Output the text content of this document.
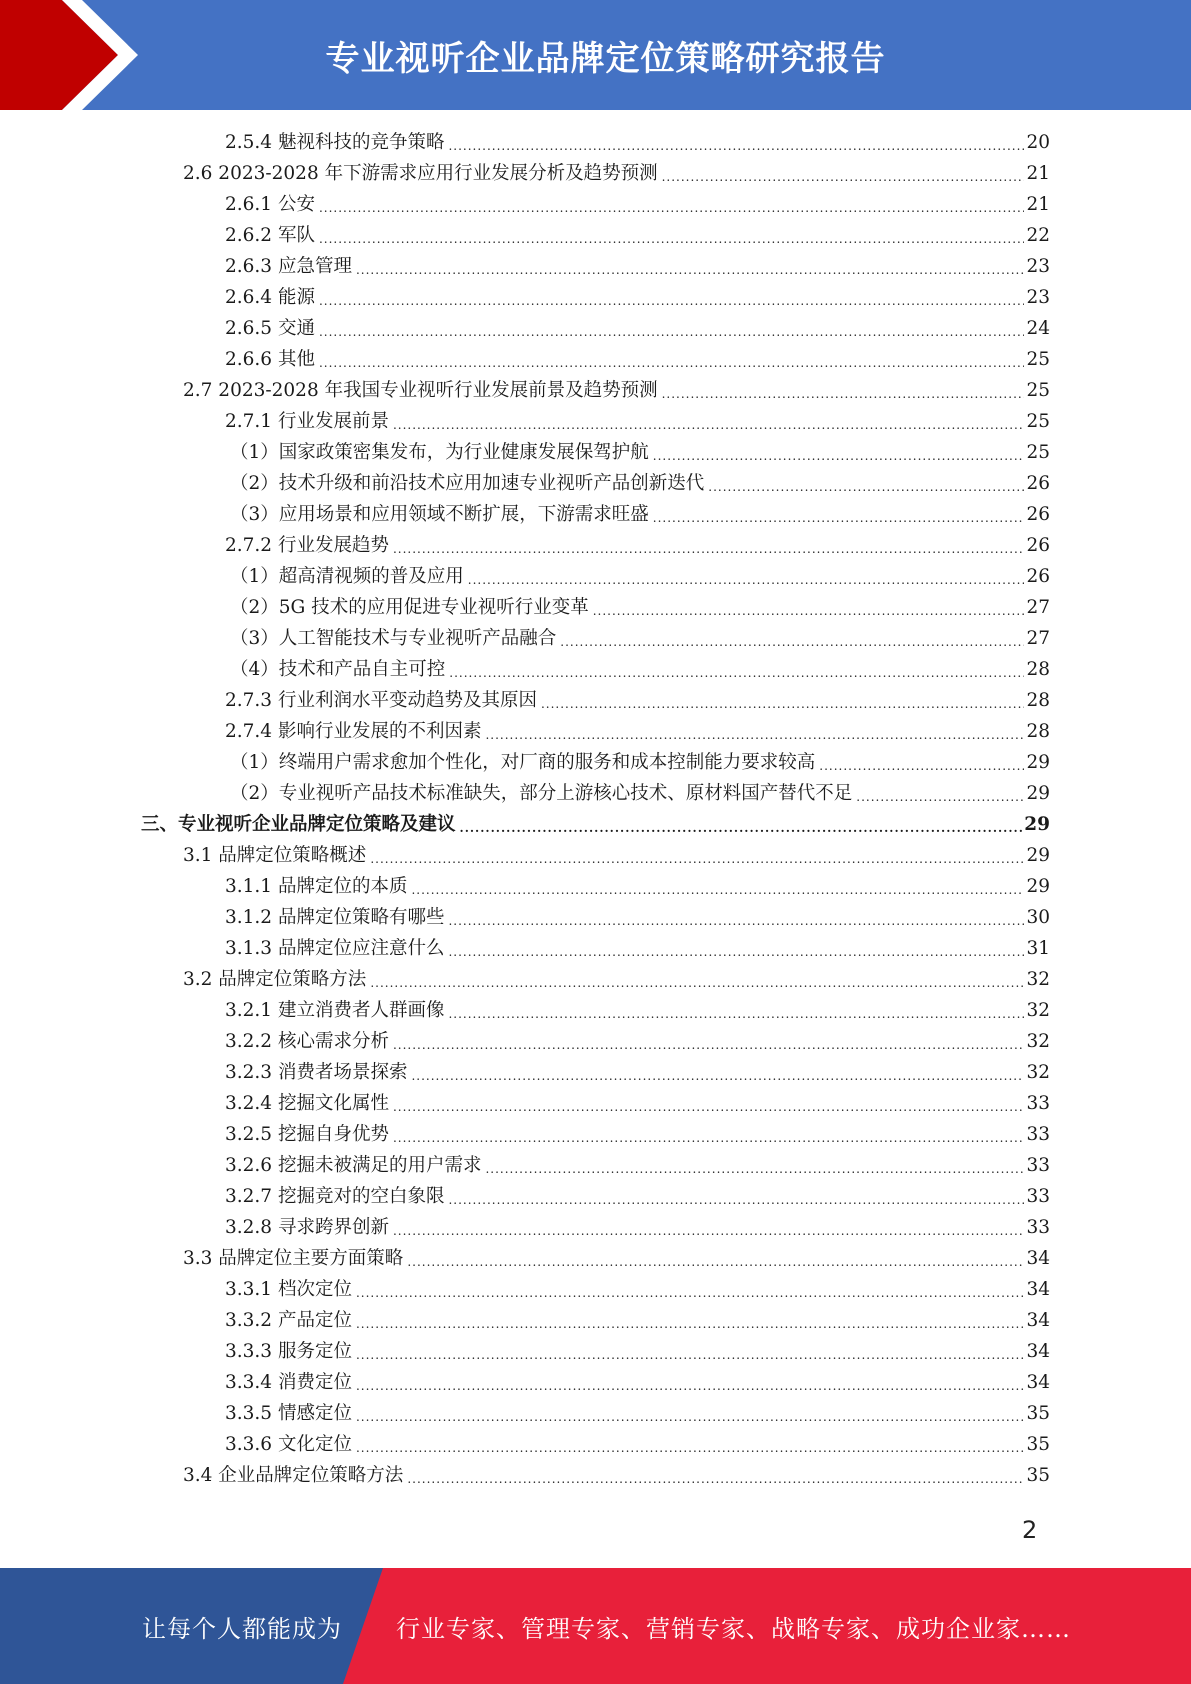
专业视听企业品牌定位策略研究报告
2.5.4 魅视科技的竞争策略 .....	20
2.6 2023-2028 年下游需求应用行业发展分析及趋势预测 .....	21
2.6.1 公安 .....	21
2.6.2 军队 .....	22
2.6.3 应急管理 .....	23
2.6.4 能源 .....	23
2.6.5 交通 .....	24
2.6.6 其他 .....	25
2.7 2023-2028 年我国专业视听行业发展前景及趋势预测 .....	25
2.7.1 行业发展前景 .....	25
（1）国家政策密集发布，为行业健康发展保驾护航 .....	25
（2）技术升级和前沿技术应用加速专业视听产品创新迭代 .....	26
（3）应用场景和应用领域不断扩展，下游需求旺盛 .....	26
2.7.2 行业发展趋势 .....	26
（1）超高清视频的普及应用 .....	26
（2）5G 技术的应用促进专业视听行业变革 .....	27
（3）人工智能技术与专业视听产品融合 .....	27
（4）技术和产品自主可控 .....	28
2.7.3 行业利润水平变动趋势及其原因 .....	28
2.7.4 影响行业发展的不利因素 .....	28
（1）终端用户需求愈加个性化，对厂商的服务和成本控制能力要求较高 .....	29
（2）专业视听产品技术标准缺失，部分上游核心技术、原材料国产替代不足 .....	29
三、专业视听企业品牌定位策略及建议 .....	29
3.1 品牌定位策略概述 .....	29
3.1.1 品牌定位的本质 .....	29
3.1.2 品牌定位策略有哪些 .....	30
3.1.3 品牌定位应注意什么 .....	31
3.2 品牌定位策略方法 .....	32
3.2.1 建立消费者人群画像 .....	32
3.2.2 核心需求分析 .....	32
3.2.3 消费者场景探索 .....	32
3.2.4 挖掘文化属性 .....	33
3.2.5 挖掘自身优势 .....	33
3.2.6 挖掘未被满足的用户需求 .....	33
3.2.7 挖掘竞对的空白象限 .....	33
3.2.8 寻求跨界创新 .....	33
3.3 品牌定位主要方面策略 .....	34
3.3.1 档次定位 .....	34
3.3.2 产品定位 .....	34
3.3.3 服务定位 .....	34
3.3.4 消费定位 .....	34
3.3.5 情感定位 .....	35
3.3.6 文化定位 .....	35
3.4 企业品牌定位策略方法 .....	35
2
让每个人都能成为 行业专家、管理专家、营销专家、战略专家、成功企业家……
